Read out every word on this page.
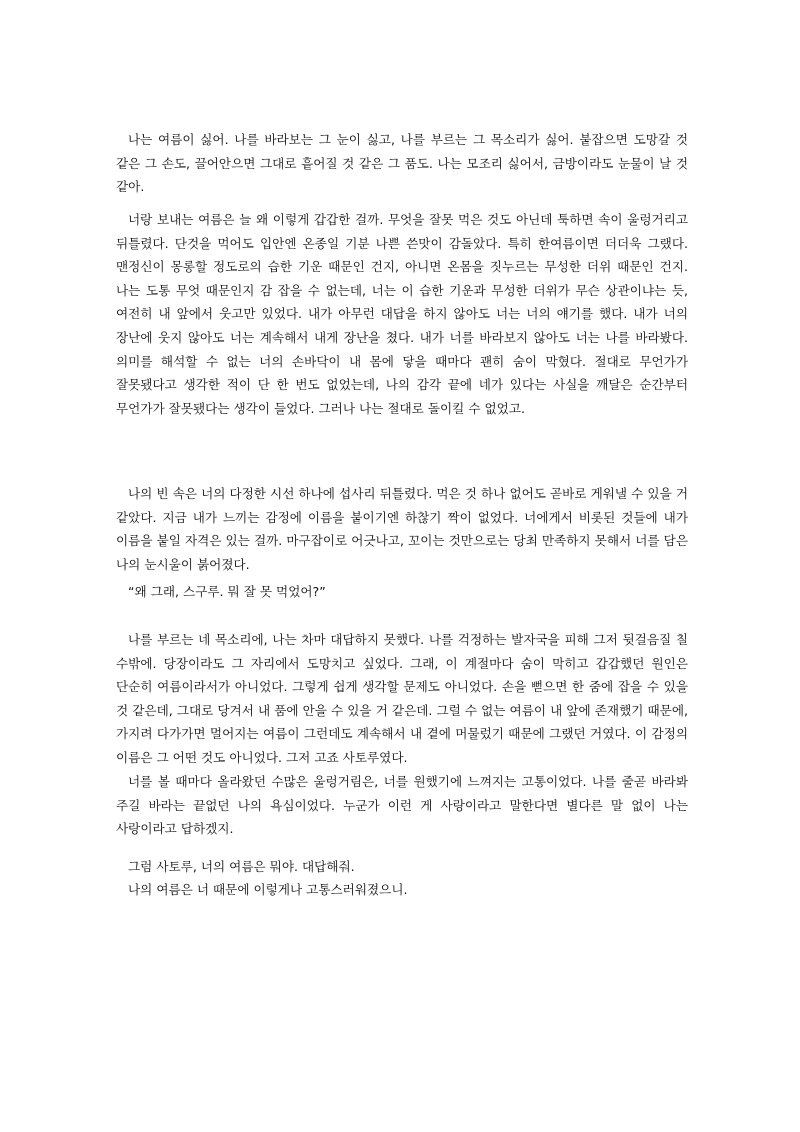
나는 여름이 싫어. 나를 바라보는 그 눈이 싫고, 나를 부르는 그 목소리가 싫어. 붙잡으면 도망갈 것 같은 그 손도, 끌어안으면 그대로 흩어질 것 같은 그 품도. 나는 모조리 싫어서, 금방이라도 눈물이 날 것 같아.

너랑 보내는 여름은 늘 왜 이렇게 갑갑한 걸까. 무엇을 잘못 먹은 것도 아닌데 툭하면 속이 울렁거리고 뒤틀렸다. 단것을 먹어도 입안엔 온종일 기분 나쁜 쓴맛이 감돌았다. 특히 한여름이면 더더욱 그랬다. 맨정신이 몽롱할 정도로의 습한 기운 때문인 건지, 아니면 온몸을 짓누르는 무성한 더위 때문인 건지. 나는 도통 무엇 때문인지 감 잡을 수 없는데, 너는 이 습한 기운과 무성한 더위가 무슨 상관이냐는 듯, 여전히 내 앞에서 웃고만 있었다. 내가 아무런 대답을 하지 않아도 너는 너의 얘기를 했다. 내가 너의 장난에 웃지 않아도 너는 계속해서 내게 장난을 쳤다. 내가 너를 바라보지 않아도 너는 나를 바라봤다. 의미를 해석할 수 없는 너의 손바닥이 내 몸에 닿을 때마다 괜히 숨이 막혔다. 절대로 무언가가 잘못됐다고 생각한 적이 단 한 번도 없었는데, 나의 감각 끝에 네가 있다는 사실을 깨달은 순간부터 무언가가 잘못됐다는 생각이 들었다. 그러나 나는 절대로 돌이킬 수 없었고.

나의 빈 속은 너의 다정한 시선 하나에 섭사리 뒤틀렸다. 먹은 것 하나 없어도 곧바로 게워낼 수 있을 거 같았다. 지금 내가 느끼는 감정에 이름을 붙이기엔 하찮기 짝이 없었다. 너에게서 비롯된 것들에 내가 이름을 붙일 자격은 있는 걸까. 마구잡이로 어긋나고, 꼬이는 것만으로는 당최 만족하지 못해서 너를 담은 나의 눈시울이 붉어졌다.

“왜 그래, 스구루. 뭐 잘 못 먹었어?”

나를 부르는 네 목소리에, 나는 차마 대답하지 못했다. 나를 걱정하는 발자국을 피해 그저 뒷걸음질 칠 수밖에. 당장이라도 그 자리에서 도망치고 싶었다. 그래, 이 계절마다 숨이 막히고 갑갑했던 원인은 단순히 여름이라서가 아니었다. 그렇게 쉽게 생각할 문제도 아니었다. 손을 뻗으면 한 줌에 잡을 수 있을 것 같은데, 그대로 당겨서 내 품에 안을 수 있을 거 같은데. 그럴 수 없는 여름이 내 앞에 존재했기 때문에, 가지려 다가가면 멀어지는 여름이 그런데도 계속해서 내 곁에 머물렀기 때문에 그랬던 거였다. 이 감정의 이름은 그 어떤 것도 아니었다. 그저 고죠 사토루였다.

너를 볼 때마다 올라왔던 수많은 울렁거림은, 너를 원했기에 느껴지는 고통이었다. 나를 줄곧 바라봐 주길 바라는 끝없던 나의 욕심이었다. 누군가 이런 게 사랑이라고 말한다면 별다른 말 없이 나는 사랑이라고 답하겠지.

그럼 사토루, 너의 여름은 뭐야. 대답해줘.

나의 여름은 너 때문에 이렇게나 고통스러워졌으니.
